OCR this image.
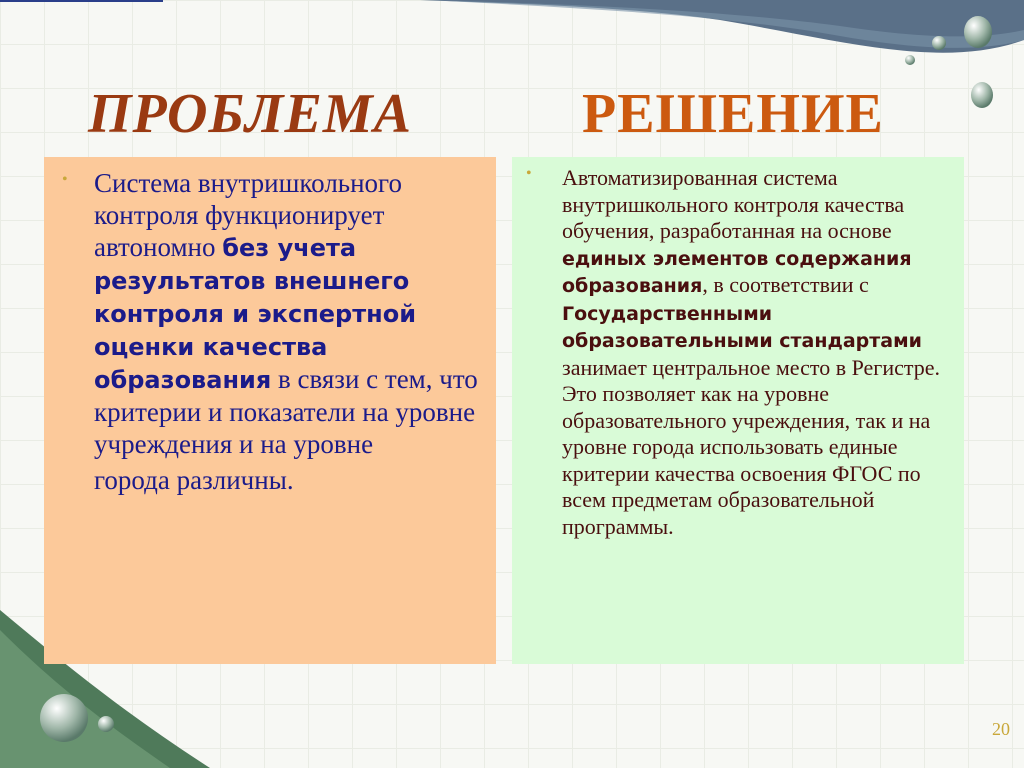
ПРОБЛЕМА	РЕШЕНИЕ
• Система внутришкольного контроля функционирует автономно без учета результатов внешнего контроля и экспертной оценки качества образования в связи с тем, что критерии и показатели на уровне учреждения и на уровне
города различны.
• Автоматизированная система внутришкольного контроля качества обучения, разработанная на основе единых элементов содержания образования, в соответствии с Государственными образовательными стандартами занимает центральное место в Регистре. Это позволяет как на уровне образовательного учреждения, так и на уровне города использовать единые критерии качества освоения ФГОС по всем предметам образовательной программы.
20
